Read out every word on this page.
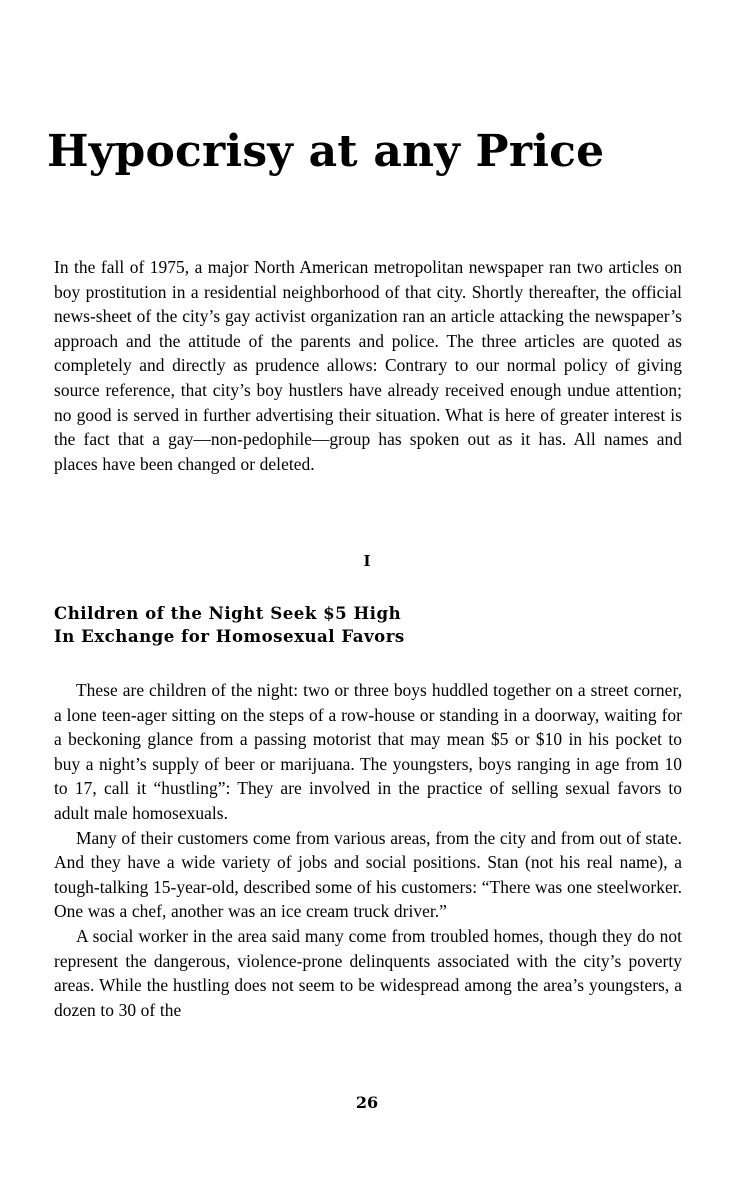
Hypocrisy at any Price

In the fall of 1975, a major North American metropolitan newspaper ran two articles on boy prostitution in a residential neighborhood of that city. Shortly thereafter, the official news-sheet of the city’s gay activist organization ran an article attacking the newspaper’s approach and the attitude of the parents and police. The three articles are quoted as completely and directly as prudence allows: Contrary to our normal policy of giving source reference, that city’s boy hustlers have already received enough undue attention; no good is served in further advertising their situation. What is here of greater interest is the fact that a gay—non-pedophile—group has spoken out as it has. All names and places have been changed or deleted.

I
Children of the Night Seek $5 High
In Exchange for Homosexual Favors

These are children of the night: two or three boys huddled together on a street corner, a lone teen-ager sitting on the steps of a row-house or standing in a doorway, waiting for a beckoning glance from a passing motorist that may mean $5 or $10 in his pocket to buy a night’s supply of beer or marijuana. The youngsters, boys ranging in age from 10 to 17, call it “hustling”: They are involved in the practice of selling sexual favors to adult male homosexuals.

Many of their customers come from various areas, from the city and from out of state. And they have a wide variety of jobs and social positions. Stan (not his real name), a tough-talking 15-year-old, described some of his customers: “There was one steelworker. One was a chef, another was an ice cream truck driver.”

A social worker in the area said many come from troubled homes, though they do not represent the dangerous, violence-prone delinquents associated with the city’s poverty areas. While the hustling does not seem to be widespread among the area’s youngsters, a dozen to 30 of the

26
